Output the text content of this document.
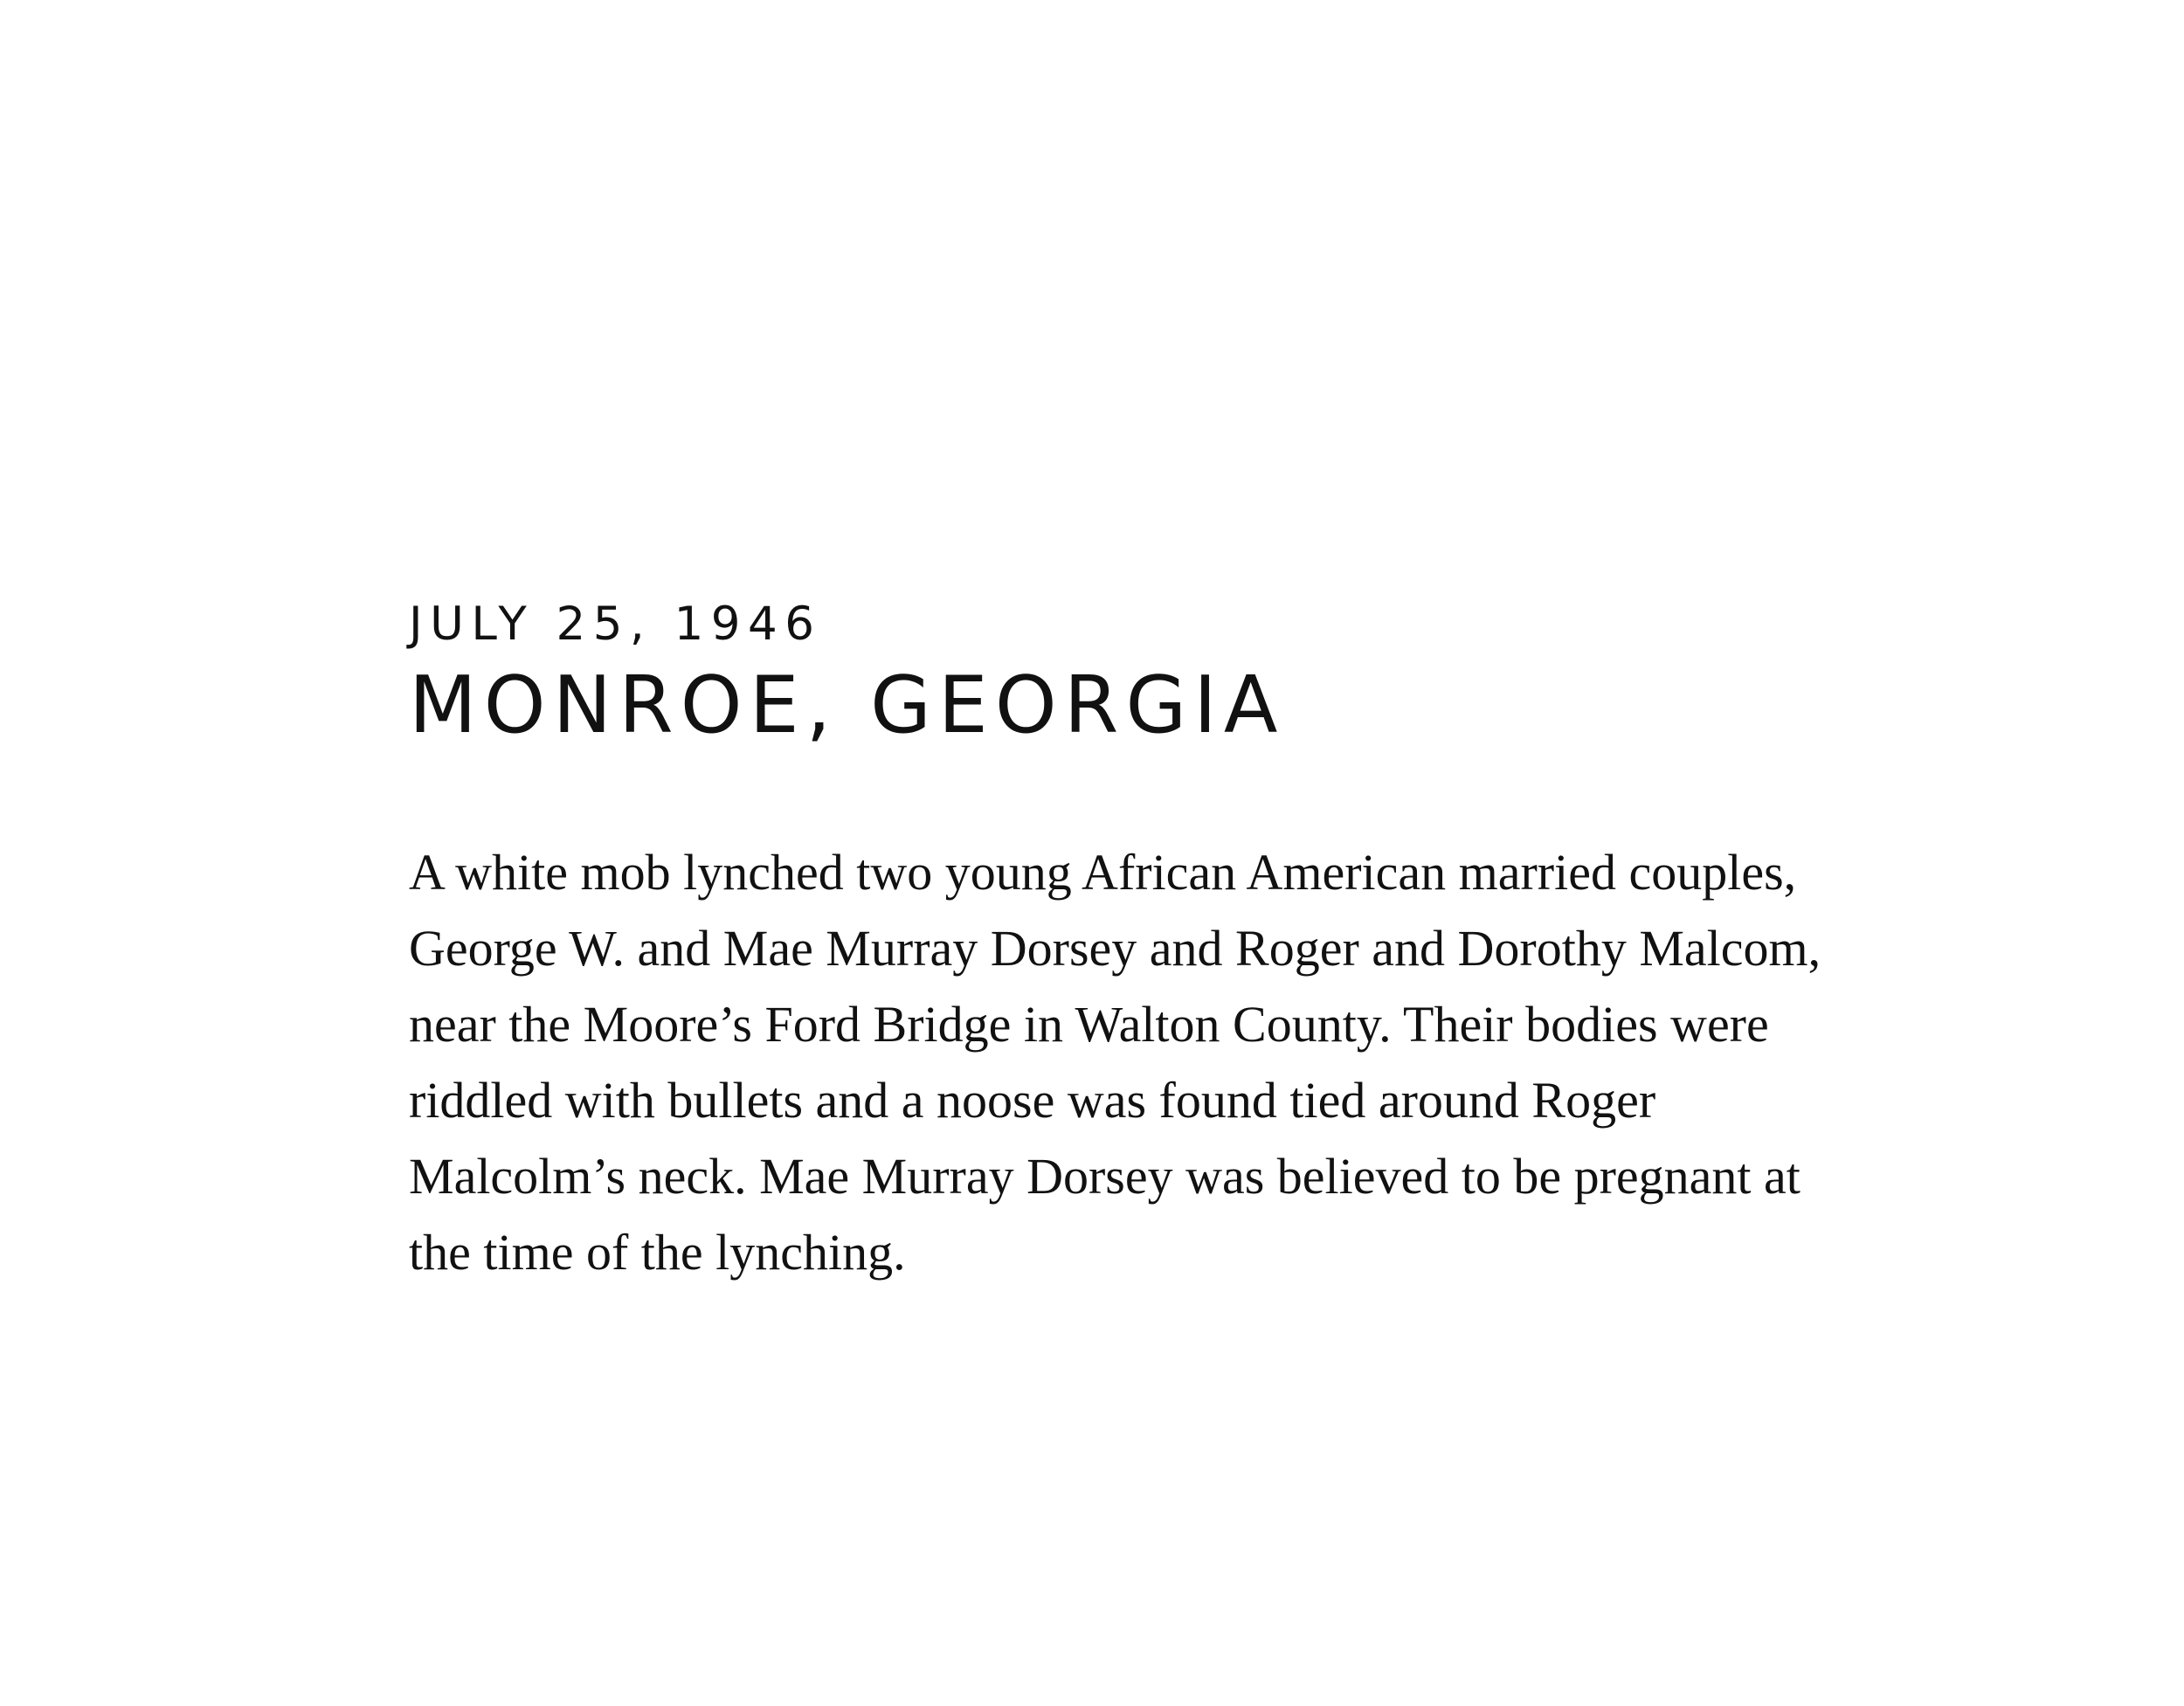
JULY 25, 1946
MONROE, GEORGIA

A white mob lynched two young African American married couples, George W. and Mae Murray Dorsey and Roger and Dorothy Malcom, near the Moore’s Ford Bridge in Walton County. Their bodies were riddled with bullets and a noose was found tied around Roger Malcolm’s neck. Mae Murray Dorsey was believed to be pregnant at the time of the lynching.
